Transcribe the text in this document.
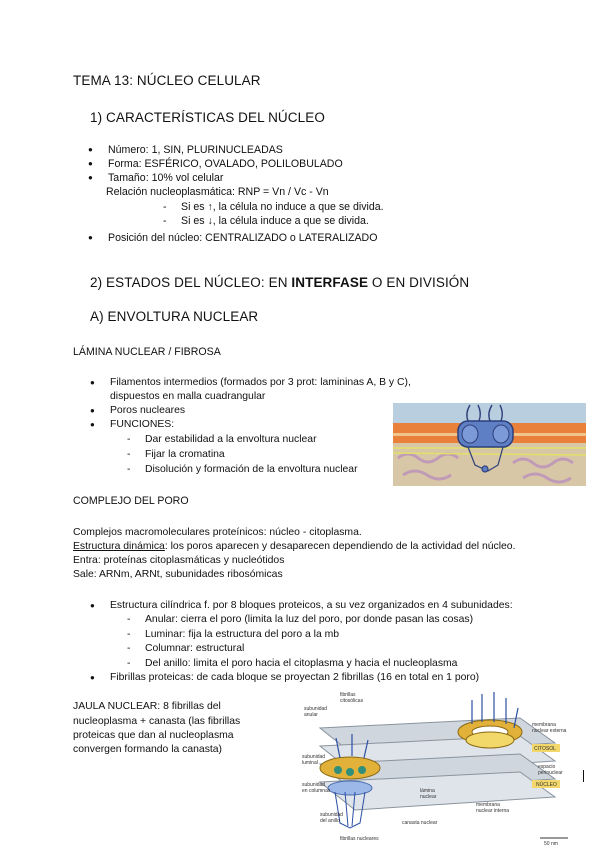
TEMA 13: NÚCLEO CELULAR
1) CARACTERÍSTICAS DEL NÚCLEO
● Número: 1, SIN, PLURINUCLEADAS
● Forma: ESFÉRICO, OVALADO, POLILOBULADO
● Tamaño: 10% vol celular
Relación nucleoplasmática: RNP = Vn / Vc - Vn
- Si es ↑, la célula no induce a que se divida.
- Si es ↓, la célula induce a que se divida.
● Posición del núcleo: CENTRALIZADO o LATERALIZADO
2) ESTADOS DEL NÚCLEO: EN INTERFASE O EN DIVISIÓN
A) ENVOLTURA NUCLEAR
LÁMINA NUCLEAR / FIBROSA
● Filamentos intermedios (formados por 3 prot: lamininas A, B y C),
dispuestos en malla cuadrangular
● Poros nucleares
● FUNCIONES:
- Dar estabilidad a la envoltura nuclear
- Fijar la cromatina
- Disolución y formación de la envoltura nuclear
COMPLEJO DEL PORO
Complejos macromoleculares proteínicos: núcleo - citoplasma.
Estructura dinámica: los poros aparecen y desaparecen dependiendo de la actividad del núcleo.
Entra: proteínas citoplasmáticas y nucleótidos
Sale: ARNm, ARNt, subunidades ribosómicas
● Estructura cilíndrica f. por 8 bloques proteicos, a su vez organizados en 4 subunidades:
- Anular: cierra el poro (limita la luz del poro, por donde pasan las cosas)
- Luminar: fija la estructura del poro a la mb
- Columnar: estructural
- Del anillo: limita el poro hacia el citoplasma y hacia el nucleoplasma
● Fibrillas proteicas: de cada bloque se proyectan 2 fibrillas (16 en total en 1 poro)
JAULA NUCLEAR: 8 fibrillas del
nucleoplasma + canasta (las fibrillas
proteicas que dan al nucleoplasma
convergen formando la canasta)
fibrillas
citosólicas
subunidad
anular
membrana
nuclear externa
CITOSOL
subunidad
luminal
espacio
perinuclear
subunidad
en columnas	lámina
nuclear
NÚCLEO
subunidad
del anillo	canasta nuclear
membrana
nuclear interna
fibrillas nucleares
50 nm
